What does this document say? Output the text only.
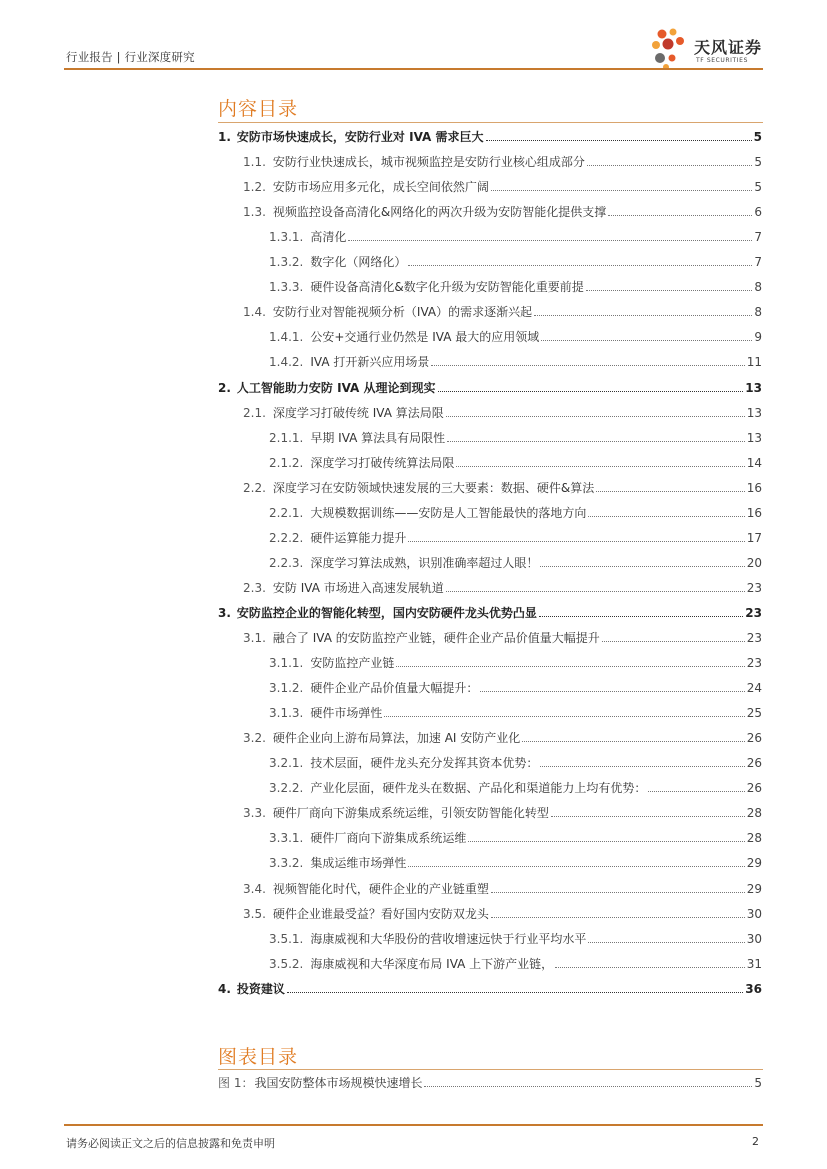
行业报告 | 行业深度研究	天风证券
TF SECURITIES
内容目录
1. 安防市场快速成长，安防行业对 IVA 需求巨大	5
1.1. 安防行业快速成长，城市视频监控是安防行业核心组成部分	5
1.2. 安防市场应用多元化，成长空间依然广阔	5
1.3. 视频监控设备高清化&网络化的两次升级为安防智能化提供支撑	6
1.3.1. 高清化	7
1.3.2. 数字化（网络化）	7
1.3.3. 硬件设备高清化&数字化升级为安防智能化重要前提	8
1.4. 安防行业对智能视频分析（IVA）的需求逐渐兴起	8
1.4.1. 公安+交通行业仍然是 IVA 最大的应用领域	9
1.4.2. IVA 打开新兴应用场景	11
2. 人工智能助力安防 IVA 从理论到现实	13
2.1. 深度学习打破传统 IVA 算法局限	13
2.1.1. 早期 IVA 算法具有局限性	13
2.1.2. 深度学习打破传统算法局限	14
2.2. 深度学习在安防领域快速发展的三大要素：数据、硬件&算法	16
2.2.1. 大规模数据训练——安防是人工智能最快的落地方向	16
2.2.2. 硬件运算能力提升	17
2.2.3. 深度学习算法成熟，识别准确率超过人眼！	20
2.3. 安防 IVA 市场进入高速发展轨道	23
3. 安防监控企业的智能化转型，国内安防硬件龙头优势凸显	23
3.1. 融合了 IVA 的安防监控产业链，硬件企业产品价值量大幅提升	23
3.1.1. 安防监控产业链	23
3.1.2. 硬件企业产品价值量大幅提升：	24
3.1.3. 硬件市场弹性	25
3.2. 硬件企业向上游布局算法，加速 AI 安防产业化	26
3.2.1. 技术层面，硬件龙头充分发挥其资本优势：	26
3.2.2. 产业化层面，硬件龙头在数据、产品化和渠道能力上均有优势：	26
3.3. 硬件厂商向下游集成系统运维，引领安防智能化转型	28
3.3.1. 硬件厂商向下游集成系统运维	28
3.3.2. 集成运维市场弹性	29
3.4. 视频智能化时代，硬件企业的产业链重塑	29
3.5. 硬件企业谁最受益？看好国内安防双龙头	30
3.5.1. 海康威视和大华股份的营收增速远快于行业平均水平	30
3.5.2. 海康威视和大华深度布局 IVA 上下游产业链，	31
4. 投资建议	36
图表目录
图 1： 我国安防整体市场规模快速增长	5
请务必阅读正文之后的信息披露和免责申明	2
